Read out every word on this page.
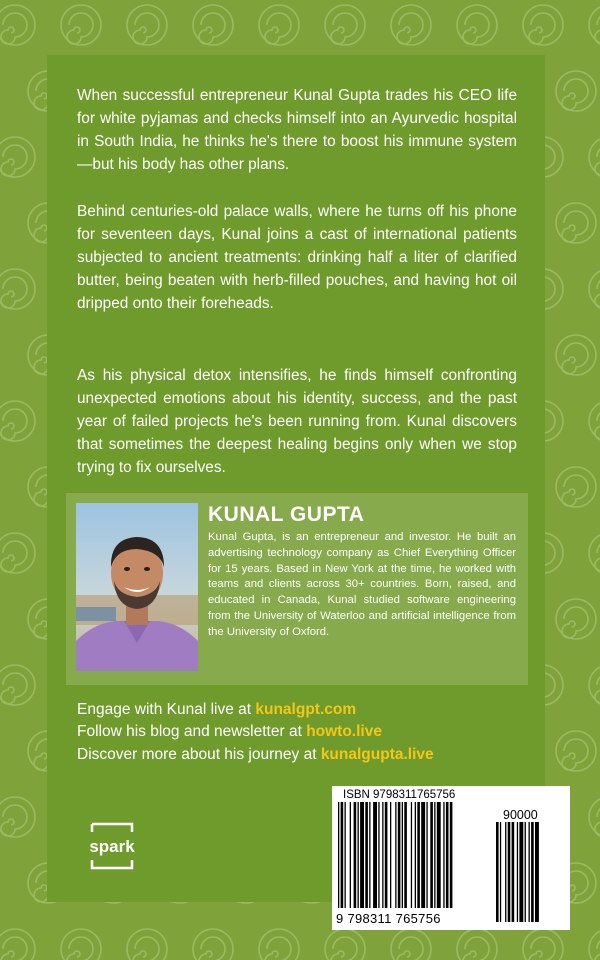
When successful entrepreneur Kunal Gupta trades his CEO life for white pyjamas and checks himself into an Ayurvedic hospital in South India, he thinks he's there to boost his immune system—but his body has other plans.

Behind centuries-old palace walls, where he turns off his phone for seventeen days, Kunal joins a cast of international patients subjected to ancient treatments: drinking half a liter of clarified butter, being beaten with herb-filled pouches, and having hot oil dripped onto their foreheads.

As his physical detox intensifies, he finds himself confronting unexpected emotions about his identity, success, and the past year of failed projects he's been running from. Kunal discovers that sometimes the deepest healing begins only when we stop trying to fix ourselves.

KUNAL GUPTA

Kunal Gupta, is an entrepreneur and investor. He built an advertising technology company as Chief Everything Officer for 15 years. Based in New York at the time, he worked with teams and clients across 30+ countries. Born, raised, and educated in Canada, Kunal studied software engineering from the University of Waterloo and artificial intelligence from the University of Oxford.

Engage with Kunal live at kunalgpt.com

Follow his blog and newsletter at howto.live

Discover more about his journey at kunalgupta.live

spark

ISBN 9798311765756

90000

9 798311 765756
